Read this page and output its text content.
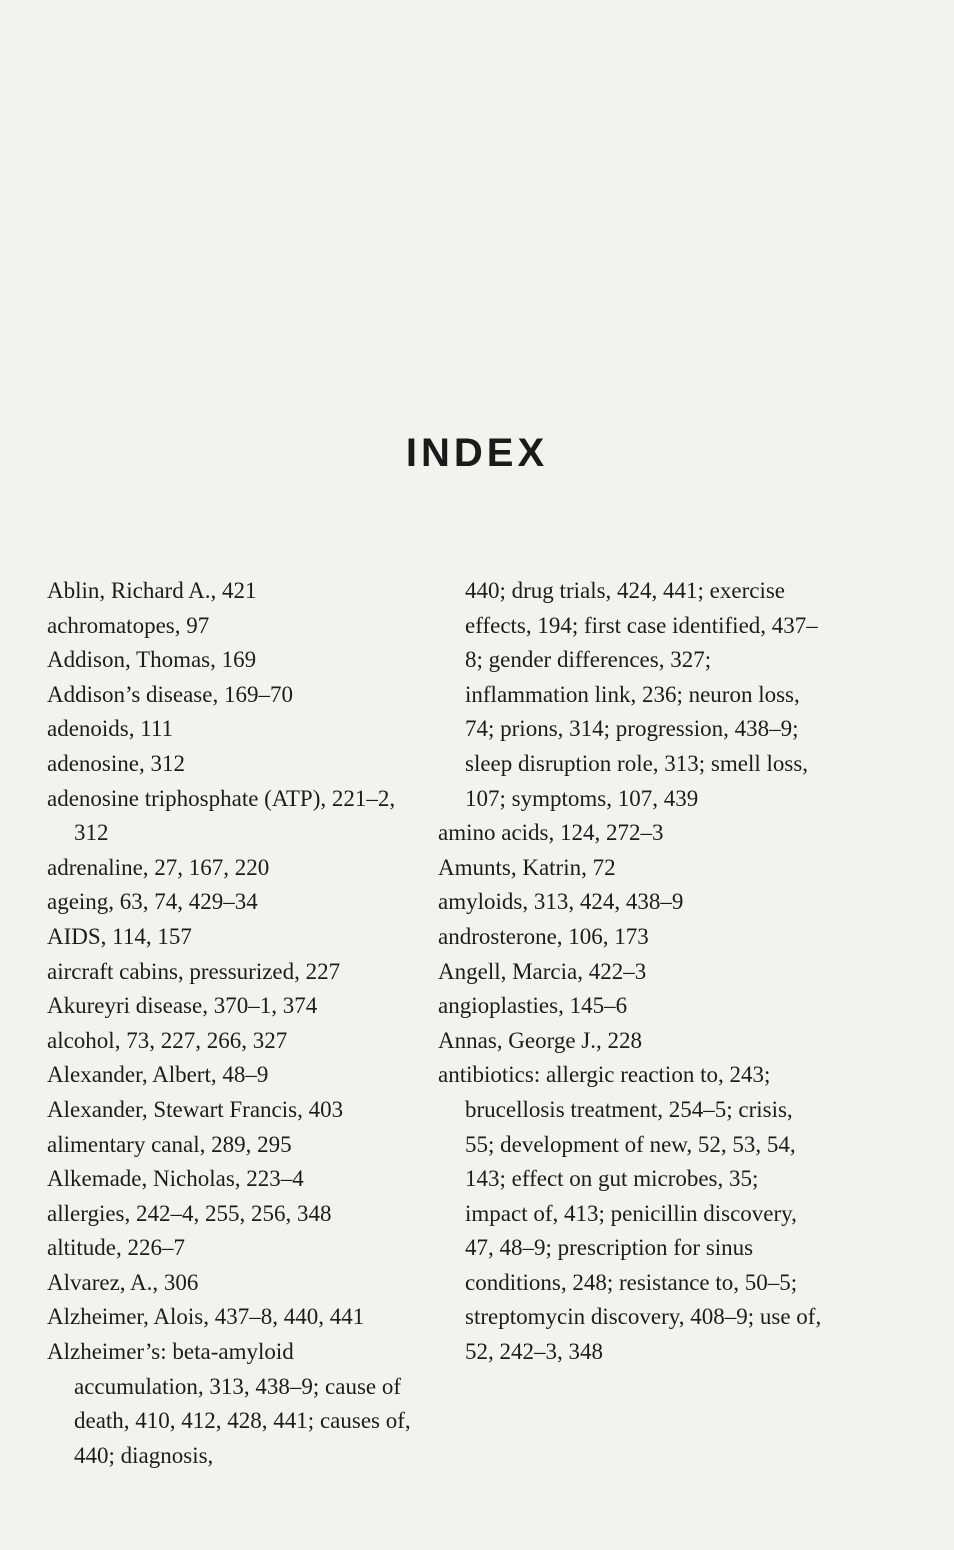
INDEX
Ablin, Richard A., 421
achromatopes, 97
Addison, Thomas, 169
Addison’s disease, 169–70
adenoids, 111
adenosine, 312
adenosine triphosphate (ATP), 221–2, 312
adrenaline, 27, 167, 220
ageing, 63, 74, 429–34
AIDS, 114, 157
aircraft cabins, pressurized, 227
Akureyri disease, 370–1, 374
alcohol, 73, 227, 266, 327
Alexander, Albert, 48–9
Alexander, Stewart Francis, 403
alimentary canal, 289, 295
Alkemade, Nicholas, 223–4
allergies, 242–4, 255, 256, 348
altitude, 226–7
Alvarez, A., 306
Alzheimer, Alois, 437–8, 440, 441
Alzheimer’s: beta-amyloid accumulation, 313, 438–9; cause of death, 410, 412, 428, 441; causes of, 440; diagnosis,
440; drug trials, 424, 441; exercise effects, 194; first case identified, 437–8; gender differences, 327; inflammation link, 236; neuron loss, 74; prions, 314; progression, 438–9; sleep disruption role, 313; smell loss, 107; symptoms, 107, 439
amino acids, 124, 272–3
Amunts, Katrin, 72
amyloids, 313, 424, 438–9
androsterone, 106, 173
Angell, Marcia, 422–3
angioplasties, 145–6
Annas, George J., 228
antibiotics: allergic reaction to, 243; brucellosis treatment, 254–5; crisis, 55; development of new, 52, 53, 54, 143; effect on gut microbes, 35; impact of, 413; penicillin discovery, 47, 48–9; prescription for sinus conditions, 248; resistance to, 50–5; streptomycin discovery, 408–9; use of, 52, 242–3, 348
